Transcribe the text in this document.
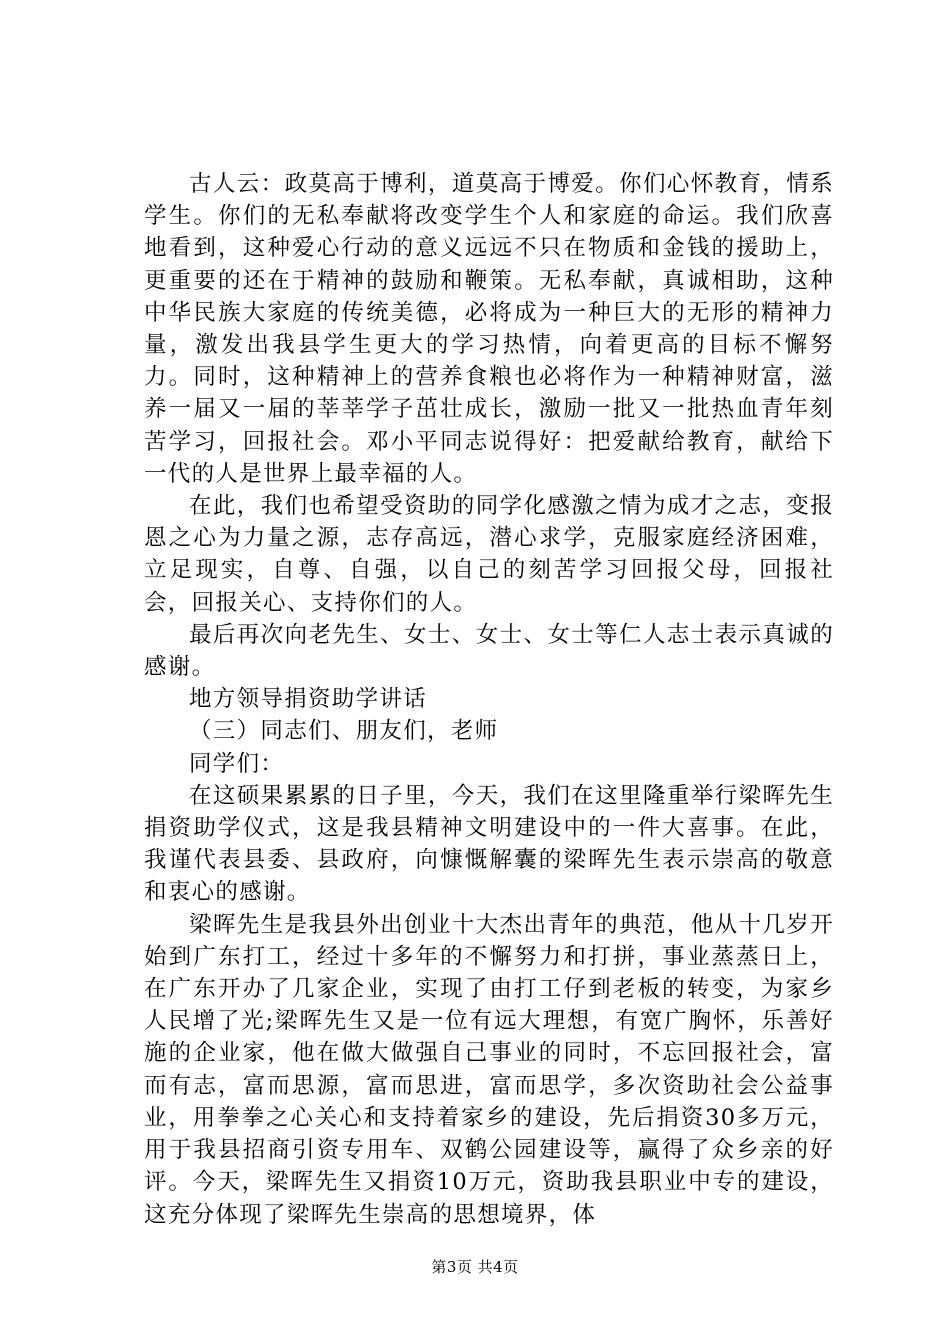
古人云：政莫高于博利，道莫高于博爱。你们心怀教育，情系学生。你们的无私奉献将改变学生个人和家庭的命运。我们欣喜地看到，这种爱心行动的意义远远不只在物质和金钱的援助上，更重要的还在于精神的鼓励和鞭策。无私奉献，真诚相助，这种中华民族大家庭的传统美德，必将成为一种巨大的无形的精神力量，激发出我县学生更大的学习热情，向着更高的目标不懈努力。同时，这种精神上的营养食粮也必将作为一种精神财富，滋养一届又一届的莘莘学子茁壮成长，激励一批又一批热血青年刻苦学习，回报社会。邓小平同志说得好：把爱献给教育，献给下一代的人是世界上最幸福的人。

在此，我们也希望受资助的同学化感激之情为成才之志，变报恩之心为力量之源，志存高远，潜心求学，克服家庭经济困难，立足现实，自尊、自强，以自己的刻苦学习回报父母，回报社会，回报关心、支持你们的人。

最后再次向老先生、女士、女士、女士等仁人志士表示真诚的感谢。

地方领导捐资助学讲话

（三）同志们、朋友们，老师

同学们：

在这硕果累累的日子里，今天，我们在这里隆重举行梁晖先生捐资助学仪式，这是我县精神文明建设中的一件大喜事。在此，我谨代表县委、县政府，向慷慨解囊的梁晖先生表示崇高的敬意和衷心的感谢。

梁晖先生是我县外出创业十大杰出青年的典范，他从十几岁开始到广东打工，经过十多年的不懈努力和打拼，事业蒸蒸日上，在广东开办了几家企业，实现了由打工仔到老板的转变，为家乡人民增了光;梁晖先生又是一位有远大理想，有宽广胸怀，乐善好施的企业家，他在做大做强自己事业的同时，不忘回报社会，富而有志，富而思源，富而思进，富而思学，多次资助社会公益事业，用拳拳之心关心和支持着家乡的建设，先后捐资30多万元，用于我县招商引资专用车、双鹤公园建设等，赢得了众乡亲的好评。今天，梁晖先生又捐资10万元，资助我县职业中专的建设，这充分体现了梁晖先生崇高的思想境界，体

第3页 共4页
